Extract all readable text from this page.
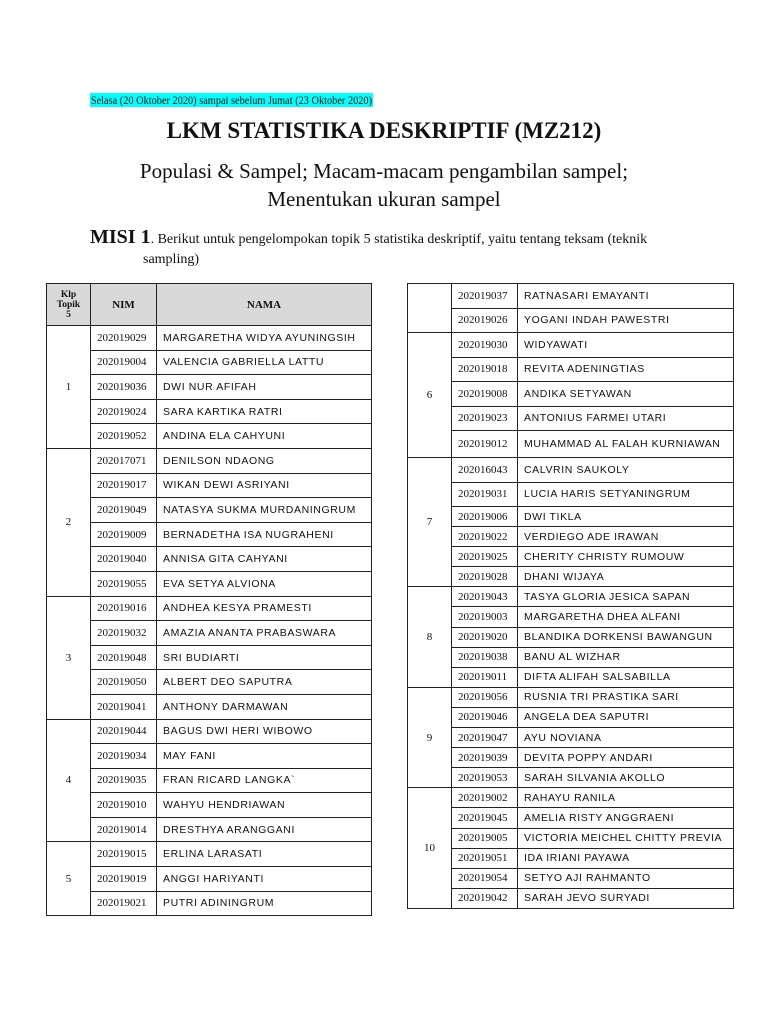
Selasa (20 Oktober 2020) sampai sebelum Jumat (23 Oktober 2020)
LKM STATISTIKA DESKRIPTIF (MZ212)
Populasi & Sampel; Macam-macam pengambilan sampel;
Menentukan ukuran sampel
MISI 1. Berikut untuk pengelompokan topik 5 statistika deskriptif, yaitu tentang teksam (teknik
sampling)
Klp
Topik
5	NIM	NAMA
1	202019029	MARGARETHA WIDYA AYUNINGSIH
	202019004	VALENCIA GABRIELLA LATTU
	202019036	DWI NUR AFIFAH
	202019024	SARA KARTIKA RATRI
	202019052	ANDINA ELA CAHYUNI
2	202017071	DENILSON NDAONG
	202019017	WIKAN DEWI ASRIYANI
	202019049	NATASYA SUKMA MURDANINGRUM
	202019009	BERNADETHA ISA NUGRAHENI
	202019040	ANNISA GITA CAHYANI
	202019055	EVA SETYA ALVIONA
3	202019016	ANDHEA KESYA PRAMESTI
	202019032	AMAZIA ANANTA PRABASWARA
	202019048	SRI BUDIARTI
	202019050	ALBERT DEO SAPUTRA
	202019041	ANTHONY DARMAWAN
4	202019044	BAGUS DWI HERI WIBOWO
	202019034	MAY FANI
	202019035	FRAN RICARD LANGKA`
	202019010	WAHYU HENDRIAWAN
	202019014	DRESTHYA ARANGGANI
5	202019015	ERLINA LARASATI
	202019019	ANGGI HARIYANTI
	202019021	PUTRI ADININGRUM
	202019037	RATNASARI EMAYANTI
	202019026	YOGANI INDAH PAWESTRI
6	202019030	WIDYAWATI
	202019018	REVITA ADENINGTIAS
	202019008	ANDIKA SETYAWAN
	202019023	ANTONIUS FARMEI UTARI
	202019012	MUHAMMAD AL FALAH KURNIAWAN
7	202016043	CALVRIN SAUKOLY
	202019031	LUCIA HARIS SETYANINGRUM
	202019006	DWI TIKLA
	202019022	VERDIEGO ADE IRAWAN
	202019025	CHERITY CHRISTY RUMOUW
	202019028	DHANI WIJAYA
8	202019043	TASYA GLORIA JESICA SAPAN
	202019003	MARGARETHA DHEA ALFANI
	202019020	BLANDIKA DORKENSI BAWANGUN
	202019038	BANU AL WIZHAR
	202019011	DIFTA ALIFAH SALSABILLA
9	202019056	RUSNIA TRI PRASTIKA SARI
	202019046	ANGELA DEA SAPUTRI
	202019047	AYU NOVIANA
	202019039	DEVITA POPPY ANDARI
	202019053	SARAH SILVANIA AKOLLO
10	202019002	RAHAYU RANILA
	202019045	AMELIA RISTY ANGGRAENI
	202019005	VICTORIA MEICHEL CHITTY PREVIA
	202019051	IDA IRIANI PAYAWA
	202019054	SETYO AJI RAHMANTO
	202019042	SARAH JEVO SURYADI
